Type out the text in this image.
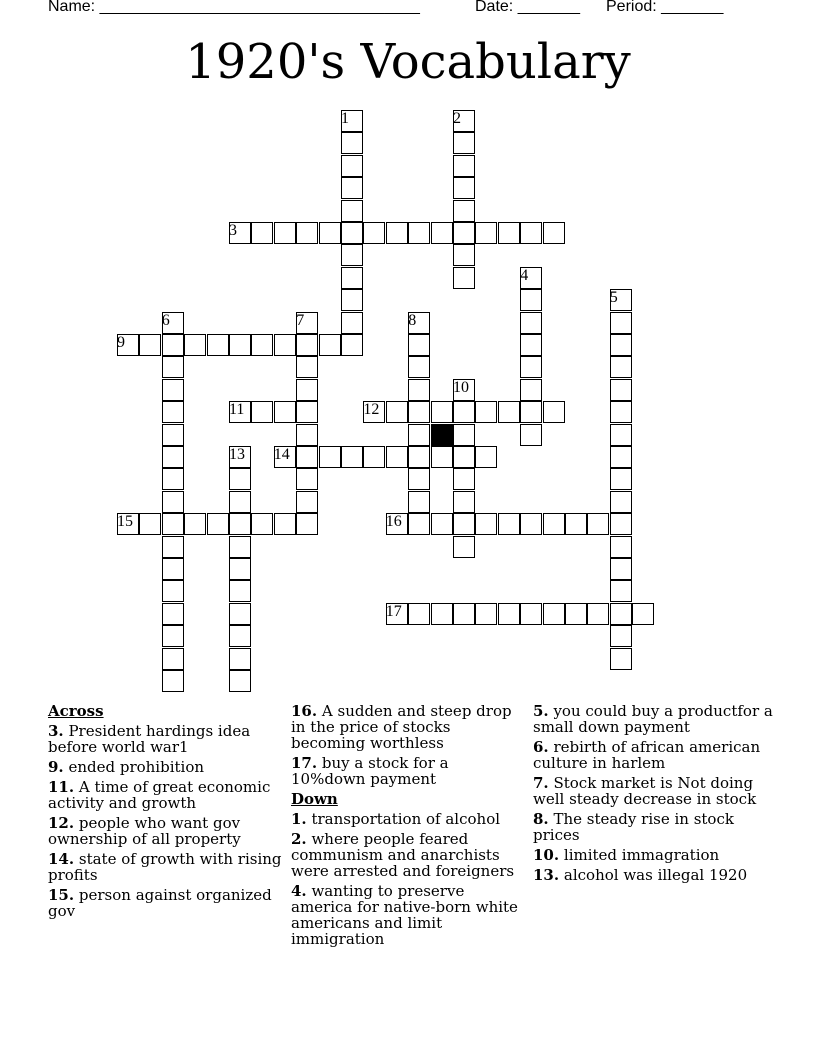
Name: ____________________________________	Date: _______ Period: _______
1920's Vocabulary
1	2
3
4
5
6	7	8
9
10
11	12
13 14
15	16
17
Across
3. President hardings idea before world war1
9. ended prohibition
11. A time of great economic activity and growth
12. people who want gov ownership of all property
14. state of growth with rising profits
15. person against organized gov
16. A sudden and steep drop in the price of stocks becoming worthless
17. buy a stock for a 10%down payment
Down
1. transportation of alcohol
2. where people feared communism and anarchists were arrested and foreigners
4. wanting to preserve america for native-born white americans and limit immigration
5. you could buy a productfor a small down payment
6. rebirth of african american culture in harlem
7. Stock market is Not doing well steady decrease in stock
8. The steady rise in stock prices
10. limited immagration
13. alcohol was illegal 1920
